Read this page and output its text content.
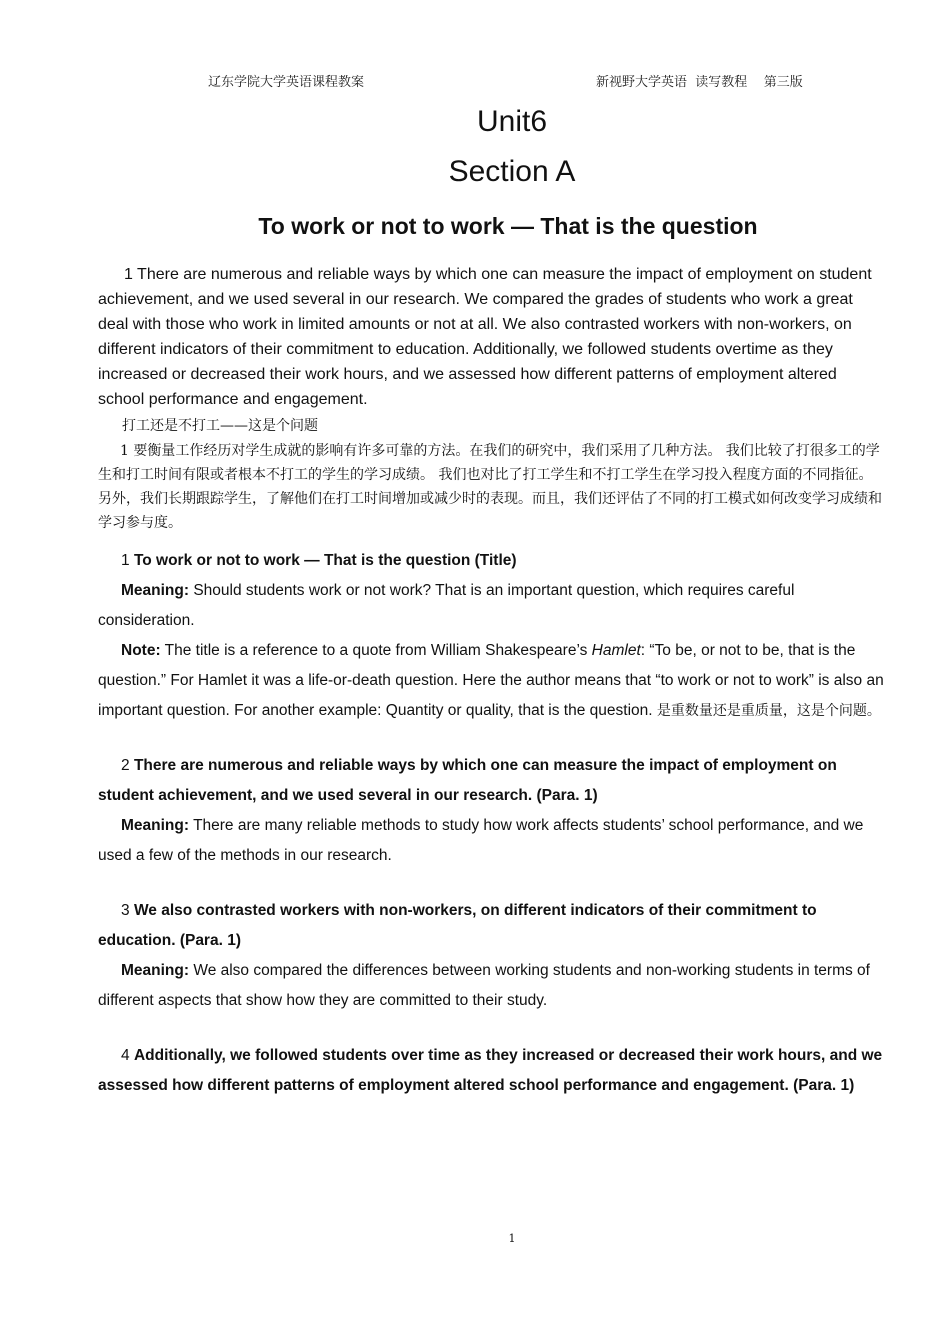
辽东学院大学英语课程教案	新视野大学英语  读写教程    第三版
Unit6
Section A
To work or not to work — That is the question

1 There are numerous and reliable ways by which one can measure the impact of employment on student achievement, and we used several in our research. We compared the grades of students who work a great deal with those who work in limited amounts or not at all. We also contrasted workers with non-workers, on different indicators of their commitment to education. Additionally, we followed students overtime as they increased or decreased their work hours, and we assessed how different patterns of employment altered school performance and engagement.

打工还是不打工——这是个问题

1 要衡量工作经历对学生成就的影响有许多可靠的方法。在我们的研究中，我们采用了几种方法。 我们比较了打很多工的学生和打工时间有限或者根本不打工的学生的学习成绩。 我们也对比了打工学生和不打工学生在学习投入程度方面的不同指征。 另外，我们长期跟踪学生，了解他们在打工时间增加或减少时的表现。而且，我们还评估了不同的打工模式如何改变学习成绩和学习参与度。

1 To work or not to work — That is the question (Title)

Meaning: Should students work or not work? That is an important question, which requires careful consideration.

Note: The title is a reference to a quote from William Shakespeare’s Hamlet: “To be, or not to be, that is the question.” For Hamlet it was a life-or-death question. Here the author means that “to work or not to work” is also an important question. For another example: Quantity or quality, that is the question. 是重数量还是重质量，这是个问题。

2 There are numerous and reliable ways by which one can measure the impact of employment on student achievement, and we used several in our research. (Para. 1)

Meaning: There are many reliable methods to study how work affects students’ school performance, and we used a few of the methods in our research.

3 We also contrasted workers with non-workers, on different indicators of their commitment to education. (Para. 1)

Meaning: We also compared the differences between working students and non-working students in terms of different aspects that show how they are committed to their study.

4 Additionally, we followed students over time as they increased or decreased their work hours, and we assessed how different patterns of employment altered school performance and engagement. (Para. 1)

1
